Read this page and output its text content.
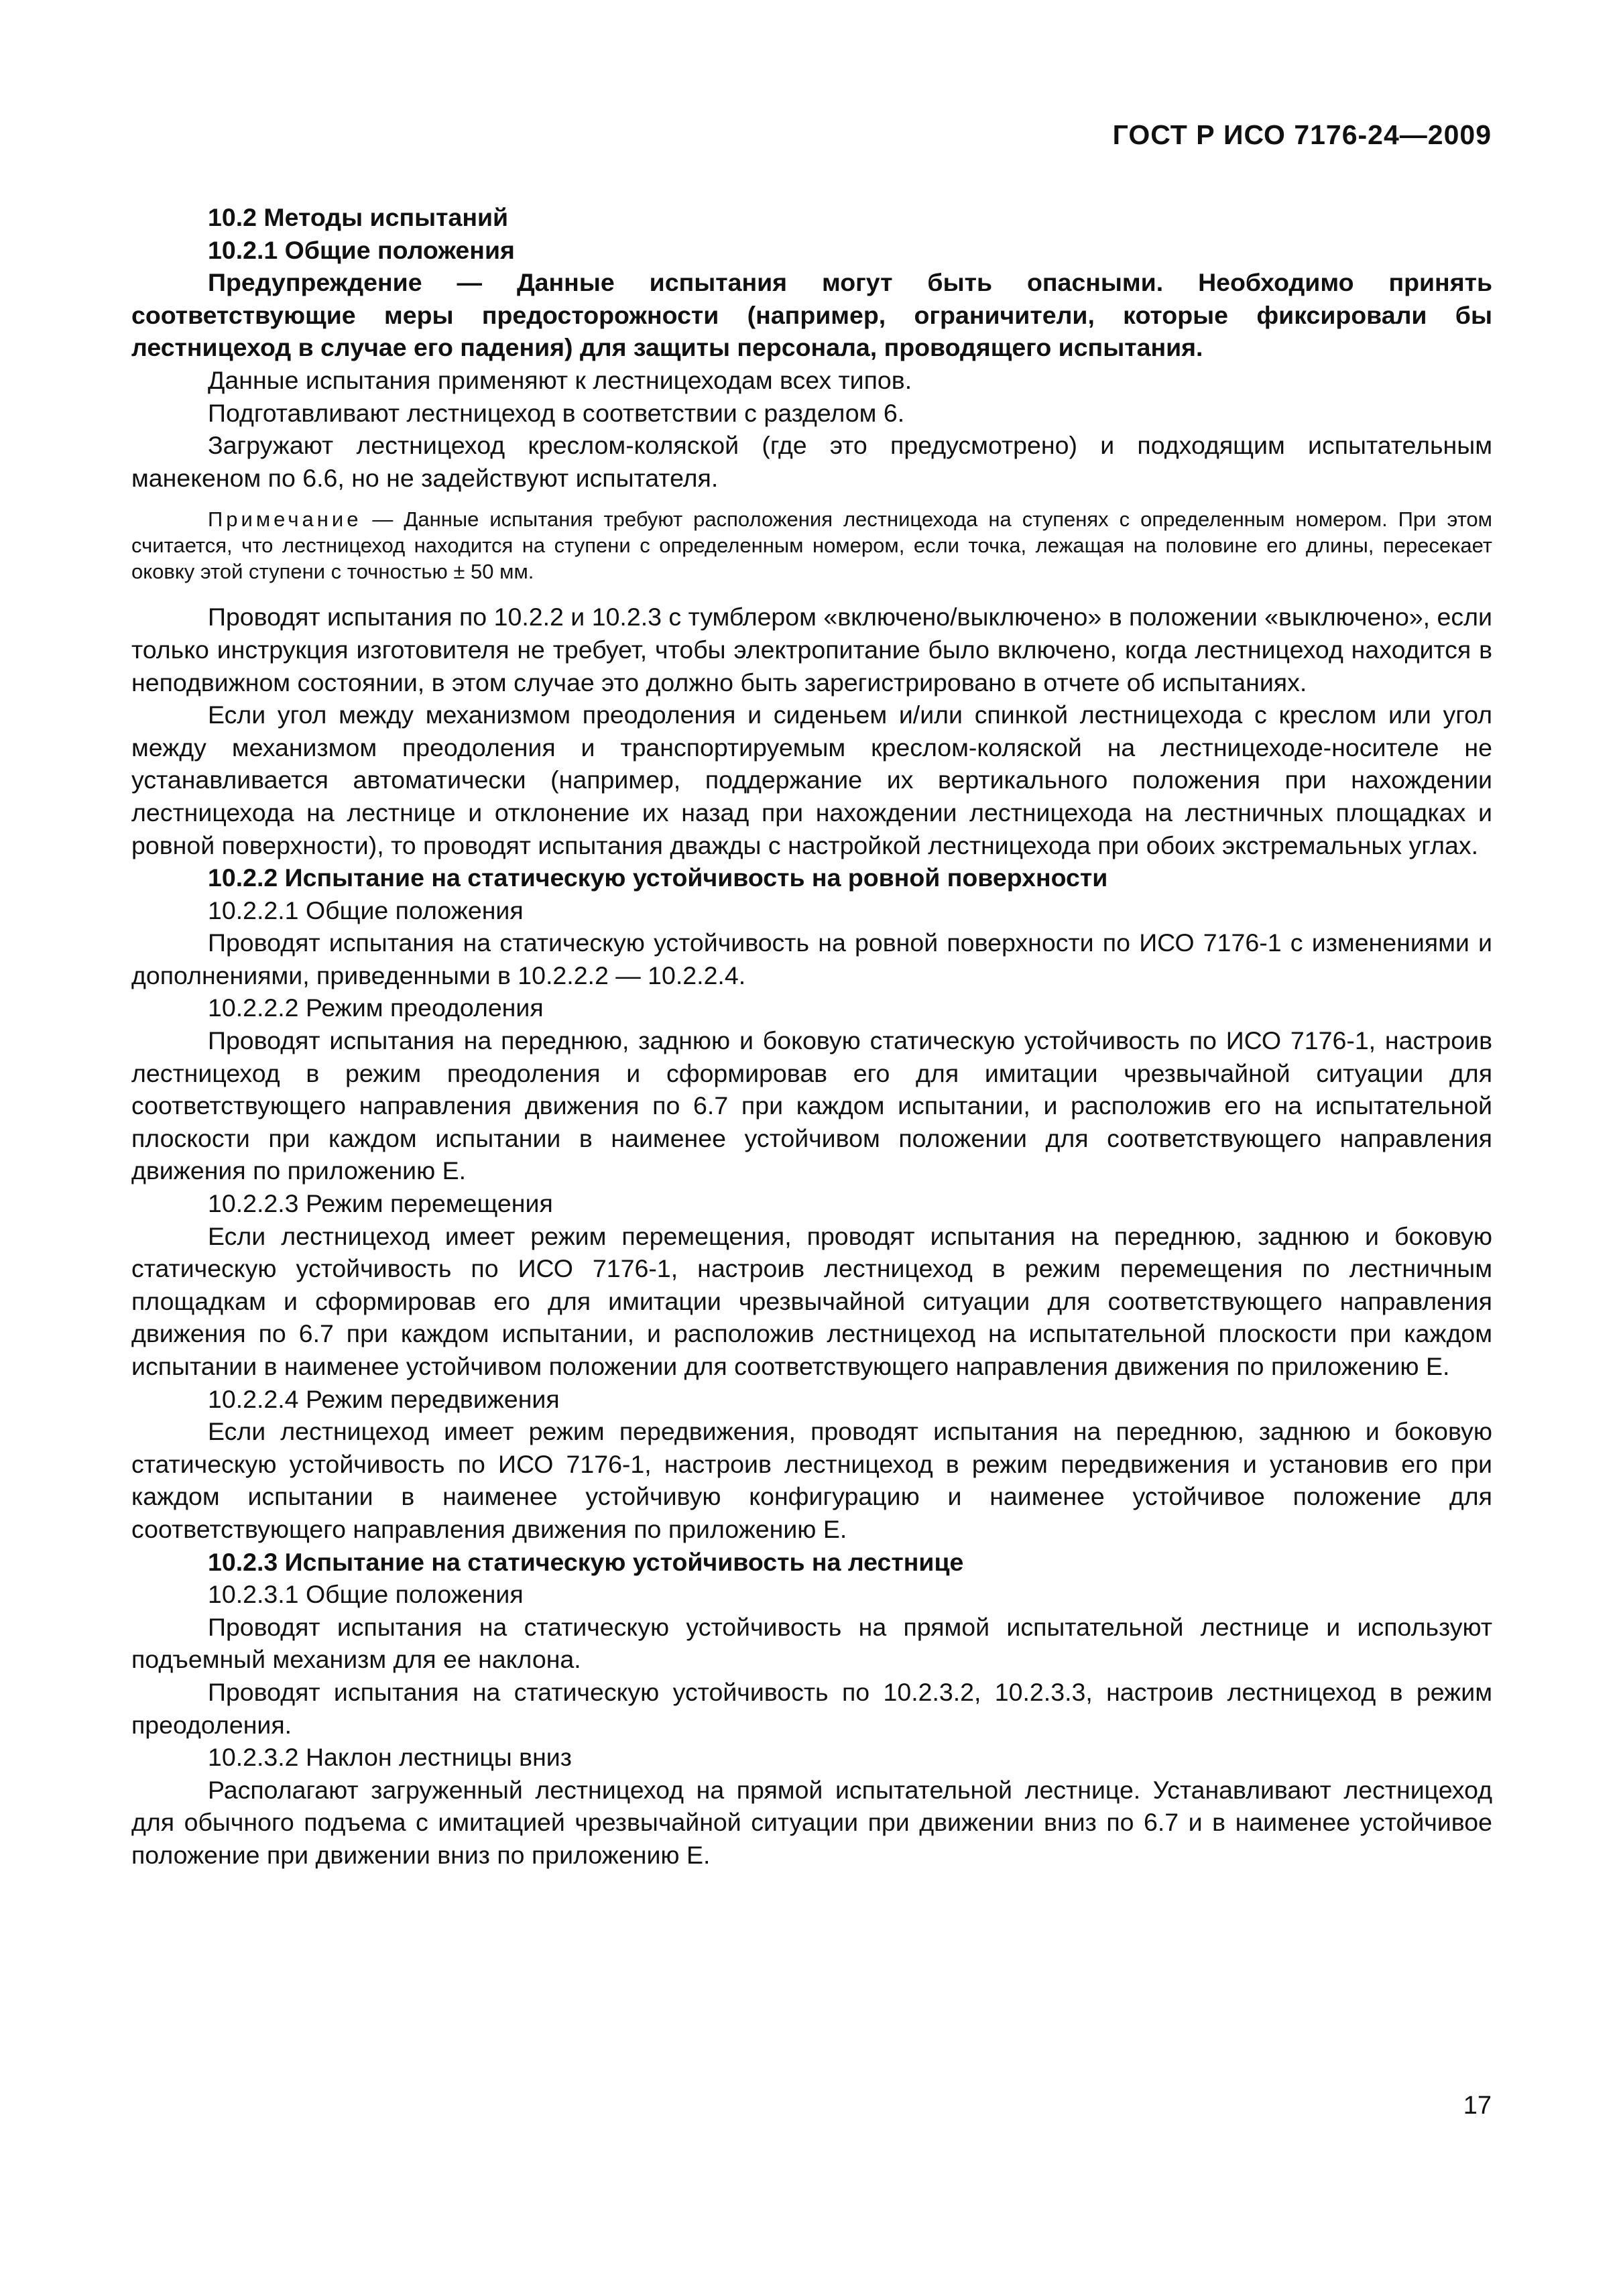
ГОСТ Р ИСО 7176-24—2009

10.2 Методы испытаний

10.2.1 Общие положения

Предупреждение — Данные испытания могут быть опасными. Необходимо принять соответствующие меры предосторожности (например, ограничители, которые фиксировали бы лестницеход в случае его падения) для защиты персонала, проводящего испытания.

Данные испытания применяют к лестницеходам всех типов.

Подготавливают лестницеход в соответствии с разделом 6.

Загружают лестницеход креслом-коляской (где это предусмотрено) и подходящим испытательным манекеном по 6.6, но не задействуют испытателя.

Примечание — Данные испытания требуют расположения лестницехода на ступенях с определенным номером. При этом считается, что лестницеход находится на ступени с определенным номером, если точка, лежащая на половине его длины, пересекает оковку этой ступени с точностью ± 50 мм.

Проводят испытания по 10.2.2 и 10.2.3 с тумблером «включено/выключено» в положении «выключено», если только инструкция изготовителя не требует, чтобы электропитание было включено, когда лестницеход находится в неподвижном состоянии, в этом случае это должно быть зарегистрировано в отчете об испытаниях.

Если угол между механизмом преодоления и сиденьем и/или спинкой лестницехода с креслом или угол между механизмом преодоления и транспортируемым креслом-коляской на лестницеходе-носителе не устанавливается автоматически (например, поддержание их вертикального положения при нахождении лестницехода на лестнице и отклонение их назад при нахождении лестницехода на лестничных площадках и ровной поверхности), то проводят испытания дважды с настройкой лестницехода при обоих экстремальных углах.

10.2.2 Испытание на статическую устойчивость на ровной поверхности

10.2.2.1 Общие положения

Проводят испытания на статическую устойчивость на ровной поверхности по ИСО 7176-1 с изменениями и дополнениями, приведенными в 10.2.2.2 — 10.2.2.4.

10.2.2.2 Режим преодоления

Проводят испытания на переднюю, заднюю и боковую статическую устойчивость по ИСО 7176-1, настроив лестницеход в режим преодоления и сформировав его для имитации чрезвычайной ситуации для соответствующего направления движения по 6.7 при каждом испытании, и расположив его на испытательной плоскости при каждом испытании в наименее устойчивом положении для соответствующего направления движения по приложению Е.

10.2.2.3 Режим перемещения

Если лестницеход имеет режим перемещения, проводят испытания на переднюю, заднюю и боковую статическую устойчивость по ИСО 7176-1, настроив лестницеход в режим перемещения по лестничным площадкам и сформировав его для имитации чрезвычайной ситуации для соответствующего направления движения по 6.7 при каждом испытании, и расположив лестницеход на испытательной плоскости при каждом испытании в наименее устойчивом положении для соответствующего направления движения по приложению Е.

10.2.2.4 Режим передвижения

Если лестницеход имеет режим передвижения, проводят испытания на переднюю, заднюю и боковую статическую устойчивость по ИСО 7176-1, настроив лестницеход в режим передвижения и установив его при каждом испытании в наименее устойчивую конфигурацию и наименее устойчивое положение для соответствующего направления движения по приложению Е.

10.2.3 Испытание на статическую устойчивость на лестнице

10.2.3.1 Общие положения

Проводят испытания на статическую устойчивость на прямой испытательной лестнице и используют подъемный механизм для ее наклона.

Проводят испытания на статическую устойчивость по 10.2.3.2, 10.2.3.3, настроив лестницеход в режим преодоления.

10.2.3.2 Наклон лестницы вниз

Располагают загруженный лестницеход на прямой испытательной лестнице. Устанавливают лестницеход для обычного подъема с имитацией чрезвычайной ситуации при движении вниз по 6.7 и в наименее устойчивое положение при движении вниз по приложению Е.

17
